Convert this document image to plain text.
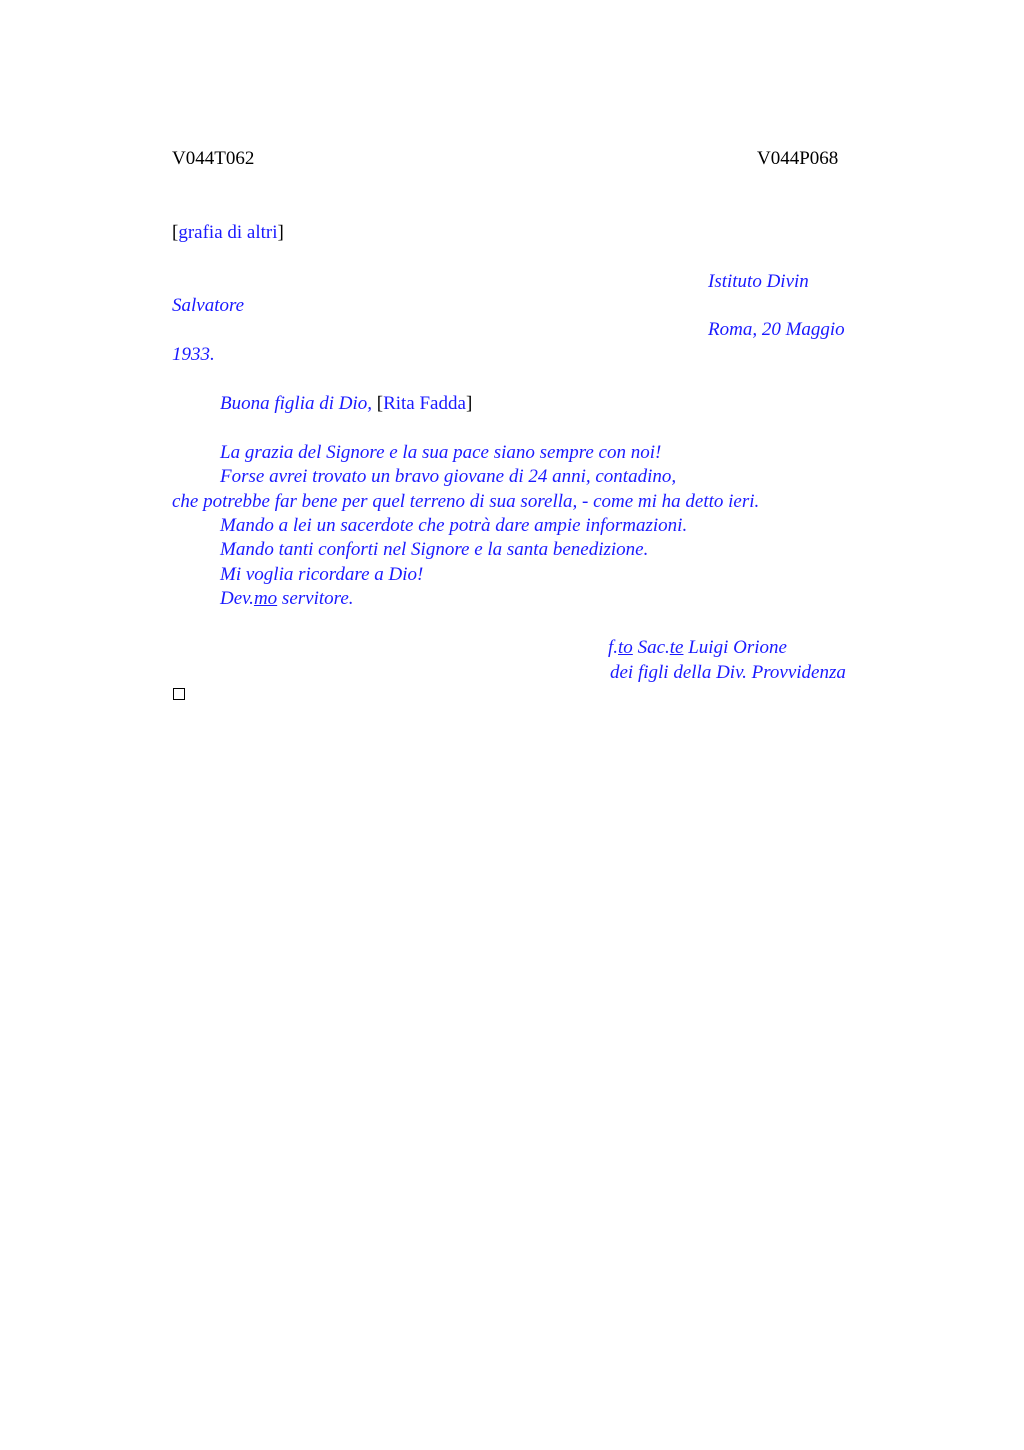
V044T062	V044P068
[grafia di altri]
Istituto Divin
Salvatore
Roma, 20 Maggio
1933.
Buona figlia di Dio, [Rita Fadda]
La grazia del Signore e la sua pace siano sempre con noi!
Forse avrei trovato un bravo giovane di 24 anni, contadino,
che potrebbe far bene per quel terreno di sua sorella, - come mi ha detto ieri.
Mando a lei un sacerdote che potrà dare ampie informazioni.
Mando tanti conforti nel Signore e la santa benedizione.
Mi voglia ricordare a Dio!
Dev.mo servitore.
f.to Sac.te Luigi Orione
dei figli della Div. Provvidenza
